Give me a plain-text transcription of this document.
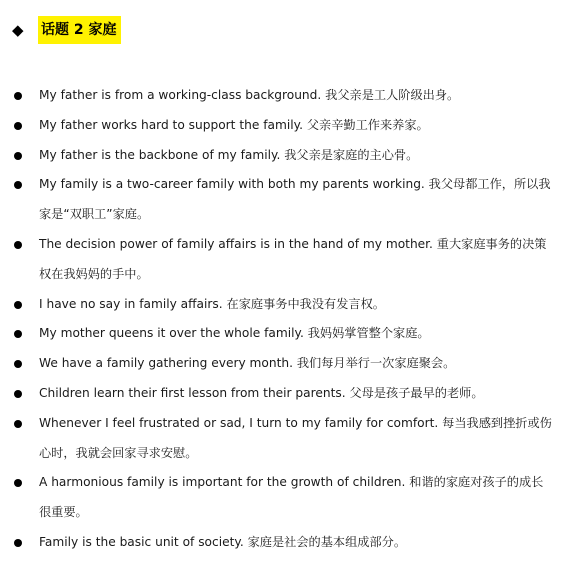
◆	话题 2 家庭
My father is from a working-class background. 我父亲是工人阶级出身。
My father works hard to support the family. 父亲辛勤工作来养家。
My father is the backbone of my family. 我父亲是家庭的主心骨。
My family is a two-career family with both my parents working. 我父母都工作，所以我
家是“双职工”家庭。
The decision power of family affairs is in the hand of my mother. 重大家庭事务的决策
权在我妈妈的手中。
I have no say in family affairs. 在家庭事务中我没有发言权。
My mother queens it over the whole family. 我妈妈掌管整个家庭。
We have a family gathering every month. 我们每月举行一次家庭聚会。
Children learn their first lesson from their parents. 父母是孩子最早的老师。
Whenever I feel frustrated or sad, I turn to my family for comfort. 每当我感到挫折或伤
心时，我就会回家寻求安慰。
A harmonious family is important for the growth of children. 和谐的家庭对孩子的成长
很重要。
Family is the basic unit of society. 家庭是社会的基本组成部分。
